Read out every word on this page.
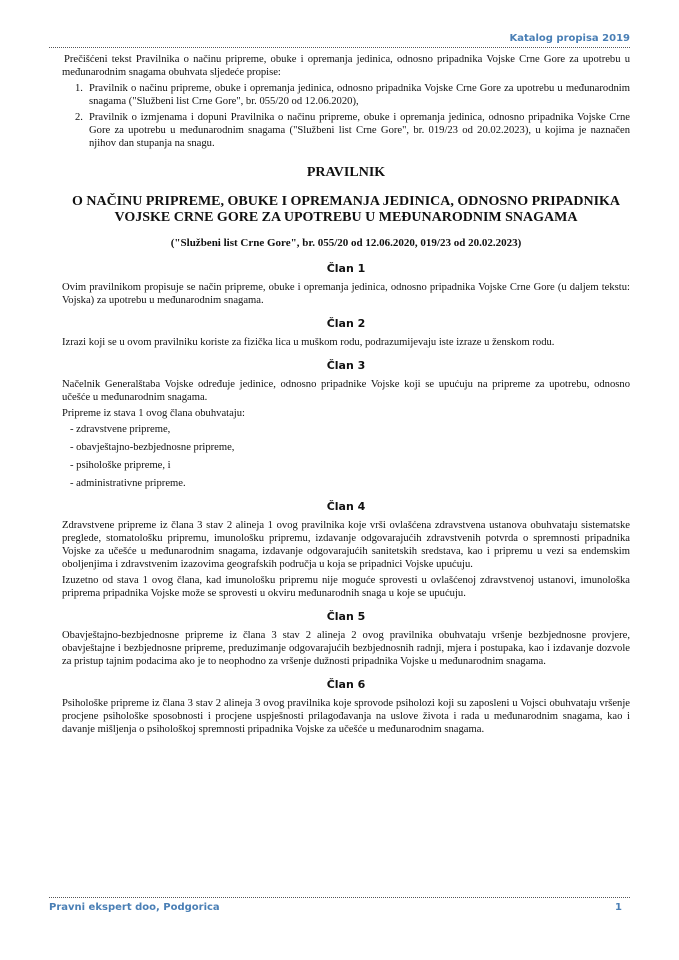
Katalog propisa 2019

Prečišćeni tekst Pravilnika o načinu pripreme, obuke i opremanja jedinica, odnosno pripadnika Vojske Crne Gore za upotrebu u međunarodnim snagama obuhvata sljedeće propise:

1. Pravilnik o načinu pripreme, obuke i opremanja jedinica, odnosno pripadnika Vojske Crne Gore za upotrebu u međunarodnim snagama ("Službeni list Crne Gore", br. 055/20 od 12.06.2020),
2. Pravilnik o izmjenama i dopuni Pravilnika o načinu pripreme, obuke i opremanja jedinica, odnosno pripadnika Vojske Crne Gore za upotrebu u međunarodnim snagama ("Službeni list Crne Gore", br. 019/23 od 20.02.2023), u kojima je naznačen njihov dan stupanja na snagu.
PRAVILNIK
O NAČINU PRIPREME, OBUKE I OPREMANJA JEDINICA, ODNOSNO PRIPADNIKA VOJSKE CRNE GORE ZA UPOTREBU U MEĐUNARODNIM SNAGAMA
("Službeni list Crne Gore", br. 055/20 od 12.06.2020, 019/23 od 20.02.2023)
Član 1

Ovim pravilnikom propisuje se način pripreme, obuke i opremanja jedinica, odnosno pripadnika Vojske Crne Gore (u daljem tekstu: Vojska) za upotrebu u međunarodnim snagama.

Član 2

Izrazi koji se u ovom pravilniku koriste za fizička lica u muškom rodu, podrazumijevaju iste izraze u ženskom rodu.

Član 3

Načelnik Generalštaba Vojske određuje jedinice, odnosno pripadnike Vojske koji se upućuju na pripreme za upotrebu, odnosno učešće u međunarodnim snagama.

Pripreme iz stava 1 ovog člana obuhvataju:

- zdravstvene pripreme,
- obavještajno-bezbjednosne pripreme,
- psihološke pripreme, i
- administrativne pripreme.
Član 4

Zdravstvene pripreme iz člana 3 stav 2 alineja 1 ovog pravilnika koje vrši ovlašćena zdravstvena ustanova obuhvataju sistematske preglede, stomatološku pripremu, imunološku pripremu, izdavanje odgovarajućih zdravstvenih potvrda o spremnosti pripadnika Vojske za učešće u međunarodnim snagama, izdavanje odgovarajućih sanitetskih sredstava, kao i pripremu u vezi sa endemskim oboljenjima i zdravstvenim izazovima geografskih područja u koja se pripadnici Vojske upućuju.

Izuzetno od stava 1 ovog člana, kad imunološku pripremu nije moguće sprovesti u ovlašćenoj zdravstvenoj ustanovi, imunološka priprema pripadnika Vojske može se sprovesti u okviru međunarodnih snaga u koje se upućuju.

Član 5

Obavještajno-bezbjednosne pripreme iz člana 3 stav 2 alineja 2 ovog pravilnika obuhvataju vršenje bezbjednosne provjere, obavještajne i bezbjednosne pripreme, preduzimanje odgovarajućih bezbjednosnih radnji, mjera i postupaka, kao i izdavanje dozvole za pristup tajnim podacima ako je to neophodno za vršenje dužnosti pripadnika Vojske u međunarodnim snagama.

Član 6

Psihološke pripreme iz člana 3 stav 2 alineja 3 ovog pravilnika koje sprovode psiholozi koji su zaposleni u Vojsci obuhvataju vršenje procjene psihološke sposobnosti i procjene uspješnosti prilagođavanja na uslove života i rada u međunarodnim snagama, kao i davanje mišljenja o psihološkoj spremnosti pripadnika Vojske za učešće u međunarodnim snagama.

Pravni ekspert doo, Podgorica	1
